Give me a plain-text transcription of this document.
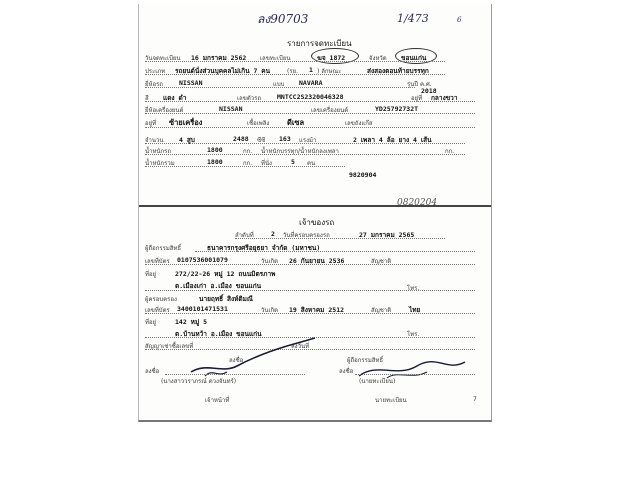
ลง90703	1/473	6
รายการจดทะเบียน
วันจดทะเบียน 16 มกราคม 2562 เลขทะเบียน	ฆจ 1872	จังหวัด ขอนแก่น
ประเภท รถยนต์นั่งส่วนบุคคลไม่เกิน 7 คน	(รย. 1 ) ลักษณะ	ส่งสองตอนท้ายบรรทุก
ยี่ห้อรถ NISSAN	แบบ NAVARA	รุ่นปี ค.ศ.
2018
สี แดง ดำ	เลขตัวรถ MNTCC2S2320046328	อยู่ที่ กลางขวา
ยี่ห้อเครื่องยนต์	NISSAN	เลขเครื่องยนต์	YD25792732T
อยู่ที่ ซ้ายเครื่อง	เชื้อเพลิง ดีเซล	เลขถังแก๊ส
จำนวน 4 สูบ	2488 ซีซี 163 แรงม้า	2 เพลา 4 ล้อ ยาง 4 เส้น
น้ำหนักรถ	1800	กก. น้ำหนักบรรทุก/น้ำหนักลงเพลา	กก.
น้ำหนักรวม	1800	กก. ที่นั่ง	5 คน
9820904
0820204
เจ้าของรถ
ลำดับที่	2 วันที่ครอบครองรถ	27 มกราคม 2565
ผู้ถือกรรมสิทธิ์	ธนาคารกรุงศรีอยุธยา จำกัด (มหาชน)
เลขที่บัตร 0107536001079	วันเกิด 26 กันยายน 2536	สัญชาติ
ที่อยู่	272/22-26 หมู่ 12 ถนนมิตรภาพ
ต.เมืองเก่า อ.เมือง ขอนแก่น	โทร.
ผู้ครอบครอง	นายฤทธิ์ สิงห์ติมณี
เลขที่บัตร 3400101471531	วันเกิด 19 สิงหาคม 2512	สัญชาติ	ไทย
ที่อยู่	142 หมู่ 5
ต.บ้านหว้า อ.เมือง ขอนแก่น	โทร.
สัญญาเช่าซื้อเลขที่	ลงวันที่
ลงชื่อ	ผู้ถือกรรมสิทธิ์
ลงชื่อ	ลงชื่อ
(นางสาววราภรณ์ ดวงจันทร์)	(นายทะเบียน)
เจ้าหน้าที่	นายทะเบียน	7
